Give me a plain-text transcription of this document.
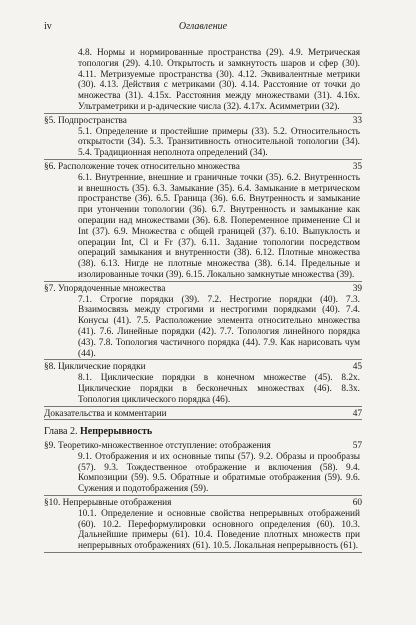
iv	Оглавление
4.8. Нормы и нормированные пространства (29). 4.9. Метрическая топология (29). 4.10. Открытость и замкнутость шаров и сфер (30). 4.11. Метризуемые пространства (30). 4.12. Эквивалентные метрики (30). 4.13. Действия с метриками (30). 4.14. Расстояние от точки до множества (31). 4.15х. Расстояния между множествами (31). 4.16х. Ультраметрики и p-адические числа (32). 4.17х. Асимметрии (32).
§5. Подпространства	33
5.1. Определение и простейшие примеры (33). 5.2. Относительность открытости (34). 5.3. Транзитивность относительной топологии (34). 5.4. Традиционная неполнота определений (34).
§6. Расположение точек относительно множества	35
6.1. Внутренние, внешние и граничные точки (35). 6.2. Внутренность и внешность (35). 6.3. Замыкание (35). 6.4. Замыкание в метрическом пространстве (36). 6.5. Граница (36). 6.6. Внутренность и замыкание при утончении топологии (36). 6.7. Внутренность и замыкание как операции над множествами (36). 6.8. Попеременное применение Cl и Int (37). 6.9. Множества с общей границей (37). 6.10. Выпуклость и операции Int, Cl и Fr (37). 6.11. Задание топологии посредством операций замыкания и внутренности (38). 6.12. Плотные множества (38). 6.13. Нигде не плотные множества (38). 6.14. Предельные и изолированные точки (39). 6.15. Локально замкнутые множества (39).
§7. Упорядоченные множества	39
7.1. Строгие порядки (39). 7.2. Нестрогие порядки (40). 7.3. Взаимосвязь между строгими и нестрогими порядками (40). 7.4. Конусы (41). 7.5. Расположение элемента относительно множества (41). 7.6. Линейные порядки (42). 7.7. Топология линейного порядка (43). 7.8. Топология частичного порядка (44). 7.9. Как нарисовать чум (44).
§8. Циклические порядки	45
8.1. Циклические порядки в конечном множестве (45). 8.2х. Циклические порядки в бесконечных множествах (46). 8.3х. Топология циклического порядка (46).
Доказательства и комментарии	47
Глава 2. Непрерывность
§9. Теоретико-множественное отступление: отображения	57
9.1. Отображения и их основные типы (57). 9.2. Образы и прообразы (57). 9.3. Тождественное отображение и включения (58). 9.4. Композиции (59). 9.5. Обратные и обратимые отображения (59). 9.6. Сужения и подотображения (59).
§10. Непрерывные отображения	60
10.1. Определение и основные свойства непрерывных отображений (60). 10.2. Переформулировки основного определения (60). 10.3. Дальнейшие примеры (61). 10.4. Поведение плотных множеств при непрерывных отображениях (61). 10.5. Локальная непрерывность (61).
